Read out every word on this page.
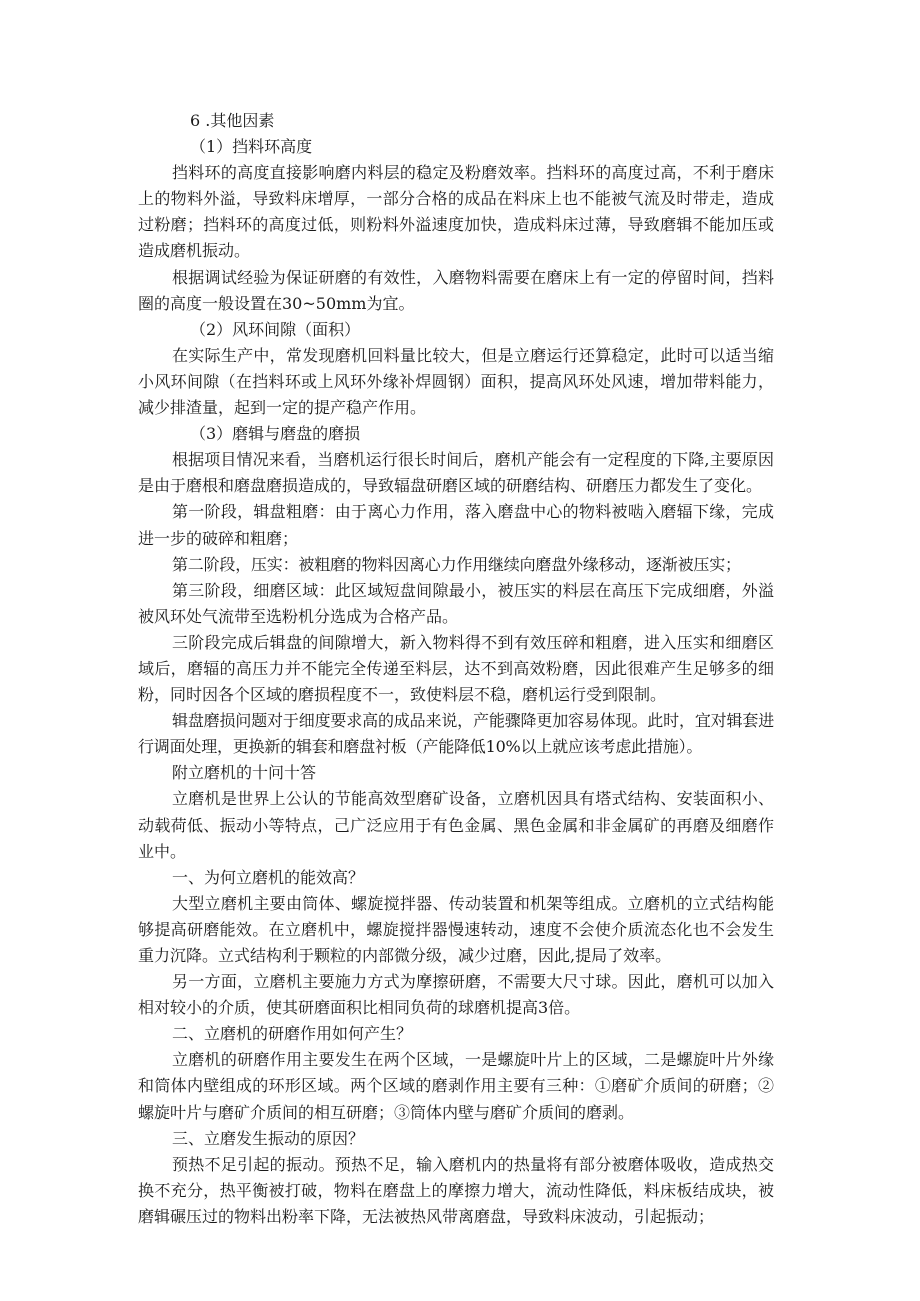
6 .其他因素

（1）挡料环高度

挡料环的高度直接影响磨内料层的稳定及粉磨效率。挡料环的高度过高，不利于磨床上的物料外溢，导致料床增厚，一部分合格的成品在料床上也不能被气流及时带走，造成过粉磨；挡料环的高度过低，则粉料外溢速度加快，造成料床过薄，导致磨辑不能加压或造成磨机振动。

根据调试经验为保证研磨的有效性，入磨物料需要在磨床上有一定的停留时间，挡料圈的高度一般设置在30~50mm为宜。

（2）风环间隙（面积）

在实际生产中，常发现磨机回料量比较大，但是立磨运行还算稳定，此时可以适当缩小风环间隙（在挡料环或上风环外缘补焊圆钢）面积，提高风环处风速，增加带料能力，减少排渣量，起到一定的提产稳产作用。

（3）磨辑与磨盘的磨损

根据项目情况来看，当磨机运行很长时间后，磨机产能会有一定程度的下降,主要原因是由于磨根和磨盘磨损造成的，导致辐盘研磨区域的研磨结构、研磨压力都发生了变化。

第一阶段，辑盘粗磨：由于离心力作用，落入磨盘中心的物料被啮入磨辐下缘，完成进一步的破碎和粗磨；

第二阶段，压实：被粗磨的物料因离心力作用继续向磨盘外缘移动，逐渐被压实；

第三阶段，细磨区域：此区域短盘间隙最小，被压实的料层在高压下完成细磨，外溢被风环处气流带至选粉机分选成为合格产品。

三阶段完成后辑盘的间隙增大，新入物料得不到有效压碎和粗磨，进入压实和细磨区域后，磨辐的高压力并不能完全传递至料层，达不到高效粉磨，因此很难产生足够多的细粉，同时因各个区域的磨损程度不一，致使料层不稳，磨机运行受到限制。

辑盘磨损问题对于细度要求高的成品来说，产能骤降更加容易体现。此时，宜对辑套进行调面处理，更换新的辑套和磨盘衬板（产能降低10%以上就应该考虑此措施）。

附立磨机的十问十答

立磨机是世界上公认的节能高效型磨矿设备，立磨机因具有塔式结构、安装面积小、动载荷低、振动小等特点，己广泛应用于有色金属、黑色金属和非金属矿的再磨及细磨作业中。

一、为何立磨机的能效高？

大型立磨机主要由筒体、螺旋搅拌器、传动装置和机架等组成。立磨机的立式结构能够提高研磨能效。在立磨机中，螺旋搅拌器慢速转动，速度不会使介质流态化也不会发生重力沉降。立式结构利于颗粒的内部微分级，减少过磨，因此,提局了效率。

另一方面，立磨机主要施力方式为摩擦研磨，不需要大尺寸球。因此，磨机可以加入相对较小的介质，使其研磨面积比相同负荷的球磨机提高3倍。

二、立磨机的研磨作用如何产生？

立磨机的研磨作用主要发生在两个区域，一是螺旋叶片上的区域，二是螺旋叶片外缘和筒体内壁组成的环形区域。两个区域的磨剥作用主要有三种：①磨矿介质间的研磨；②螺旋叶片与磨矿介质间的相互研磨；③筒体内壁与磨矿介质间的磨剥。

三、立磨发生振动的原因？

预热不足引起的振动。预热不足，输入磨机内的热量将有部分被磨体吸收，造成热交换不充分，热平衡被打破，物料在磨盘上的摩擦力增大，流动性降低，料床板结成块，被磨辑碾压过的物料出粉率下降，无法被热风带离磨盘，导致料床波动，引起振动；
